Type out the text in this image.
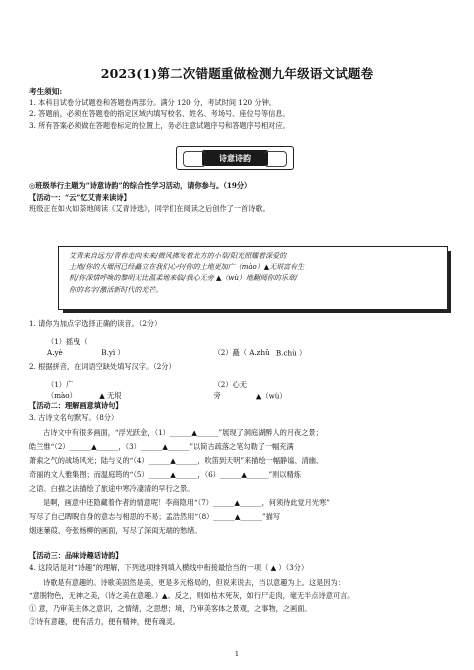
2023(1)第二次错题重做检测九年级语文试题卷

考生须知:

1. 本科目试卷分试题卷和答题卷两部分。满分 120 分，考试时间 120 分钟。

2. 答题前，必须在答题卷的指定区域内填写校名、姓名、考场号、座位号等信息。

3. 所有答案必须做在答题卷标定的位置上，务必注意试题序号和答题序号相对应。

诗意诗韵

◎班级举行主题为“诗意诗韵”的综合性学习活动，请你参与。（19分）

【活动一：“云”忆艾青来读诗】

班级正在如火如荼地阅读《艾青诗选》，同学们在阅读之后创作了一首诗歌。

艾青来自远方/青春走向未来/微风拂发着北方的小草/阳光照耀着深爱的

土地/你的大堰河已经矗立在我们心中/你的土地更加广（mào）▲无垠富有生

机/你深情呼唤的黎明无比温柔地来临/我心无旁 ▲（wù）地翻阅你的乐章/

你的名字/激活新时代的光芒。

1. 请你为加点字选择正确的读音。（2分）

（1）摇曳（ A.yè	B.yì ）	（2）矗（ A.zhǔ B.chù ）

2. 根据拼音，在词语空缺处填写汉字。（2分）

（1）广（mào）	▲ 无垠 （2）心无旁	▲（wù）

【活动二：理解画意填诗句】

3. 古诗文名句默写。（8分）

古诗文中有很多画面，“浮光跃金，（1）______▲______”展现了洞庭湖醉人的月夜之景；

皓兰惟“（2）______▲______，（3）______▲______”以简古疏落之笔勾勒了一幅充满

萧索之气的战场风光；陆与义的“（4）______▲______，吹笛到天明”来描绘一幅静谧、清幽、

奇丽的文人雅集图；而温庭筠的“（5）______▲______，（6）______▲______”则以精炼

之语、白描之法描绘了旅途中寒冷凄清的早行之景。

是啊，画意中还隐藏着作者的情意呢！李商隐用“（7）______▲______，何须待此觉月光寒”

写尽了自己睥睨自身的意志与相思的不易；孟浩然用“（8）______▲______”描写

烟迷蒹葭、夸张杨柳的画面，写尽了深闺无端的愁绪。

【活动三：品味诗趣话诗韵】

4. 这段话是对“诗趣”的理解，下列选项排列填入横线中衔接最恰当的一项（ ▲ ）（3分）

诗歌是有意趣的。诗歌美固然是美，更是多元格局的，但说来说去，当以意趣为上。这是因为：

“意脱物色，无神之美，（诗之美在意趣。）▲。反之，则如枯木死灰，如行尸走肉，毫无半点诗意可言。

① 意，乃审美主体之意识，之情绪，之思想；境，乃审美客体之景观，之事物，之画面。

②诗有意趣，便有活力，便有精神，便有魂灵。

1
